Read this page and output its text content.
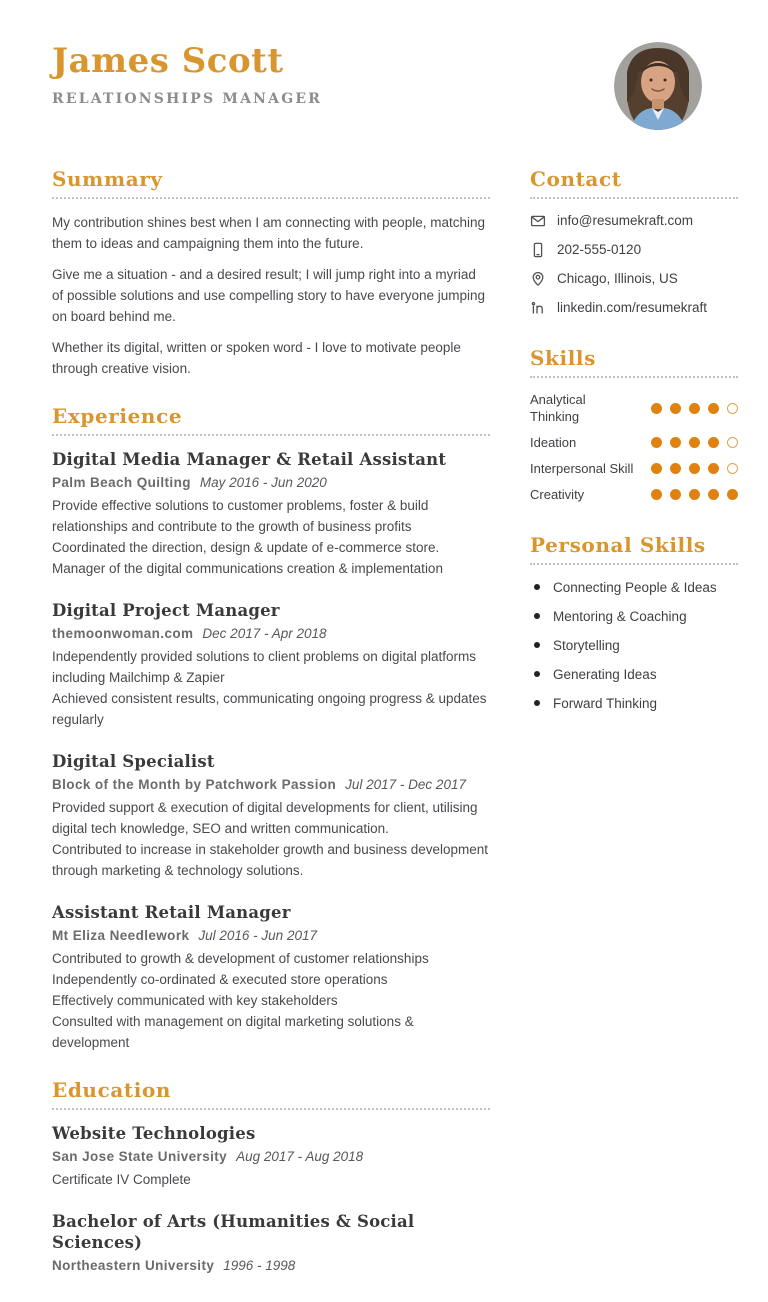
James Scott
RELATIONSHIPS MANAGER
Summary
My contribution shines best when I am connecting with people, matching them to ideas and campaigning them into the future.
Give me a situation - and a desired result; I will jump right into a myriad of possible solutions and use compelling story to have everyone jumping on board behind me.
Whether its digital, written or spoken word - I love to motivate people through creative vision.
Experience
Digital Media Manager & Retail Assistant
Palm Beach Quilting May 2016 - Jun 2020
Provide effective solutions to customer problems, foster & build relationships and contribute to the growth of business profits
Coordinated the direction, design & update of e-commerce store.
Manager of the digital communications creation & implementation
Digital Project Manager
themoonwoman.com Dec 2017 - Apr 2018
Independently provided solutions to client problems on digital platforms including Mailchimp & Zapier
Achieved consistent results, communicating ongoing progress & updates regularly
Digital Specialist
Block of the Month by Patchwork Passion Jul 2017 - Dec 2017
Provided support & execution of digital developments for client, utilising digital tech knowledge, SEO and written communication.
Contributed to increase in stakeholder growth and business development through marketing & technology solutions.
Assistant Retail Manager
Mt Eliza Needlework Jul 2016 - Jun 2017
Contributed to growth & development of customer relationships
Independently co-ordinated & executed store operations
Effectively communicated with key stakeholders
Consulted with management on digital marketing solutions & development
Education
Website Technologies
San Jose State University Aug 2017 - Aug 2018
Certificate IV Complete
Bachelor of Arts (Humanities & Social Sciences)
Northeastern University 1996 - 1998
Contact
info@resumekraft.com
202-555-0120
Chicago, Illinois, US
linkedin.com/resumekraft
Skills
Analytical Thinking
Ideation
Interpersonal Skill
Creativity
Personal Skills
Connecting People & Ideas
Mentoring & Coaching
Storytelling
Generating Ideas
Forward Thinking
